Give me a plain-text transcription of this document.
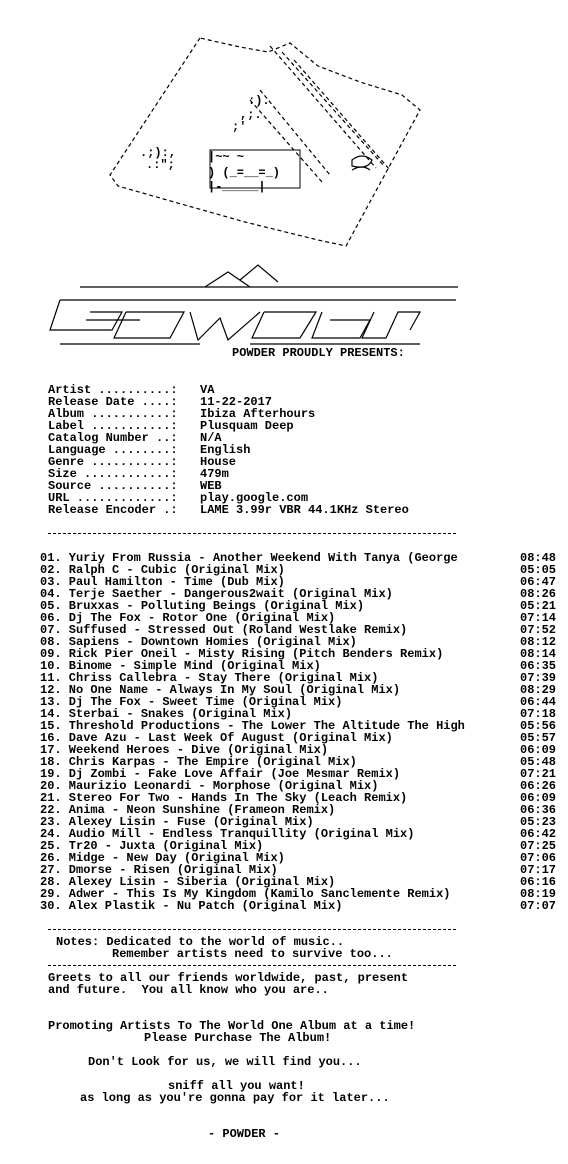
:).
,;.
;'
.;):,
.:";
|~~ ~
) (_=__=_)
|-_____|
POWDER PROUDLY PRESENTS:
Artist ..........: VA
Release Date ....: 11-22-2017
Album ...........: Ibiza Afterhours
Label ...........: Plusquam Deep
Catalog Number ..: N/A
Language ........: English
Genre ...........: House
Size ............: 479m
Source ..........: WEB
URL .............: play.google.com
Release Encoder .: LAME 3.99r VBR 44.1KHz Stereo
01. Yuriy From Russia - Another Weekend With Tanya (George	08:48
02. Ralph C - Cubic (Original Mix)	05:05
03. Paul Hamilton - Time (Dub Mix)	06:47
04. Terje Saether - Dangerous2wait (Original Mix)	08:26
05. Bruxxas - Polluting Beings (Original Mix)	05:21
06. Dj The Fox - Rotor One (Original Mix)	07:14
07. Suffused - Stressed Out (Roland Westlake Remix)	07:52
08. Sapiens - Downtown Homies (Original Mix)	08:12
09. Rick Pier Oneil - Misty Rising (Pitch Benders Remix)	08:14
10. Binome - Simple Mind (Original Mix)	06:35
11. Chriss Callebra - Stay There (Original Mix)	07:39
12. No One Name - Always In My Soul (Original Mix)	08:29
13. Dj The Fox - Sweet Time (Original Mix)	06:44
14. Sterbai - Snakes (Original Mix)	07:18
15. Threshold Productions - The Lower The Altitude The High	05:56
16. Dave Azu - Last Week Of August (Original Mix)	05:57
17. Weekend Heroes - Dive (Original Mix)	06:09
18. Chris Karpas - The Empire (Original Mix)	05:48
19. Dj Zombi - Fake Love Affair (Joe Mesmar Remix)	07:21
20. Maurizio Leonardi - Morphose (Original Mix)	06:26
21. Stereo For Two - Hands In The Sky (Leach Remix)	06:09
22. Anima - Neon Sunshine (Frameon Remix)	06:36
23. Alexey Lisin - Fuse (Original Mix)	05:23
24. Audio Mill - Endless Tranquillity (Original Mix)	06:42
25. Tr20 - Juxta (Original Mix)	07:25
26. Midge - New Day (Original Mix)	07:06
27. Dmorse - Risen (Original Mix)	07:17
28. Alexey Lisin - Siberia (Original Mix)	06:16
29. Adwer - This Is My Kingdom (Kamilo Sanclemente Remix)	08:19
30. Alex Plastik - Nu Patch (Original Mix)	07:07
Notes: Dedicated to the world of music..
Remember artists need to survive too...
Greets to all our friends worldwide, past, present
and future.  You all know who you are..
Promoting Artists To The World One Album at a time!
Please Purchase The Album!
Don't Look for us, we will find you...
sniff all you want!
as long as you're gonna pay for it later...
- POWDER -
